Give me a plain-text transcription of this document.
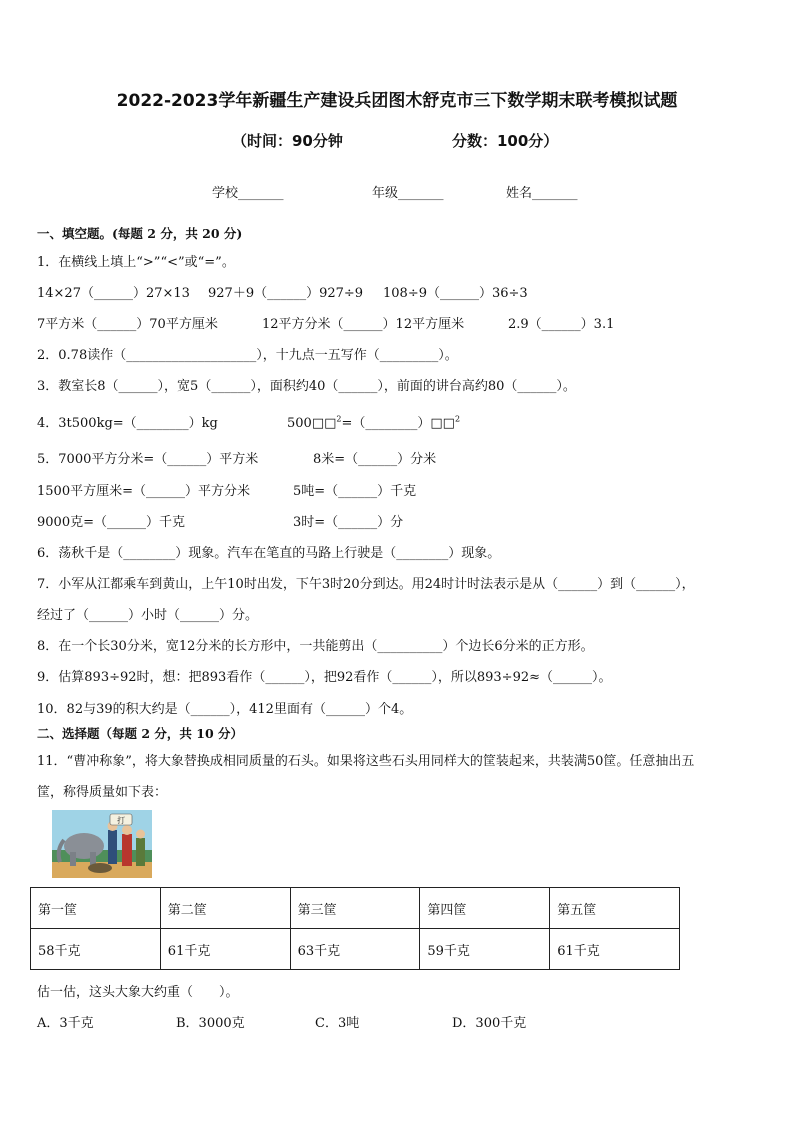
2022-2023学年新疆生产建设兵团图木舒克市三下数学期末联考模拟试题
（时间：90分钟	分数：100分）
学校_______	年级_______	姓名_______
一、填空题。(每题 2 分，共 20 分)
1．在横线上填上“>”“<”或“=”。
14×27（______）27×13 927＋9（______）927÷9 108÷9（______）36÷3
7平方米（______）70平方厘米	12平方分米（______）12平方厘米	2.9（______）3.1
2．0.78读作（____________________），十九点一五写作（_________）。
3．教室长8（______），宽5（______），面积约40（______），前面的讲台高约80（______）。
4．3t500kg=（________）kg	500□□$^2$=（________）□□$^2$
5．7000平方分米=（______）平方米	8米=（______）分米
1500平方厘米=（______）平方分米	5吨=（______）千克
9000克=（______）千克	3时=（______）分
6．荡秋千是（________）现象。汽车在笔直的马路上行驶是（________）现象。
7．小军从江都乘车到黄山，上午10时出发，下午3时20分到达。用24时计时法表示是从（______）到（______），
经过了（______）小时（______）分。
8．在一个长30分米，宽12分米的长方形中，一共能剪出（__________）个边长6分米的正方形。
9．估算893÷92时，想：把893看作（______），把92看作（______），所以893÷92≈（______）。
10．82与39的积大约是（______），412里面有（______）个4。
二、选择题（每题 2 分，共 10 分）
11．“曹冲称象”，将大象替换成相同质量的石头。如果将这些石头用同样大的筐装起来，共装满50筐。任意抽出五
筐，称得质量如下表：
打
第一筐	第二筐	第三筐	第四筐	第五筐
58千克	61千克	63千克	59千克	61千克
估一估，这头大象大约重（　　）。
A．3千克	B．3000克	C．3吨	D．300千克
